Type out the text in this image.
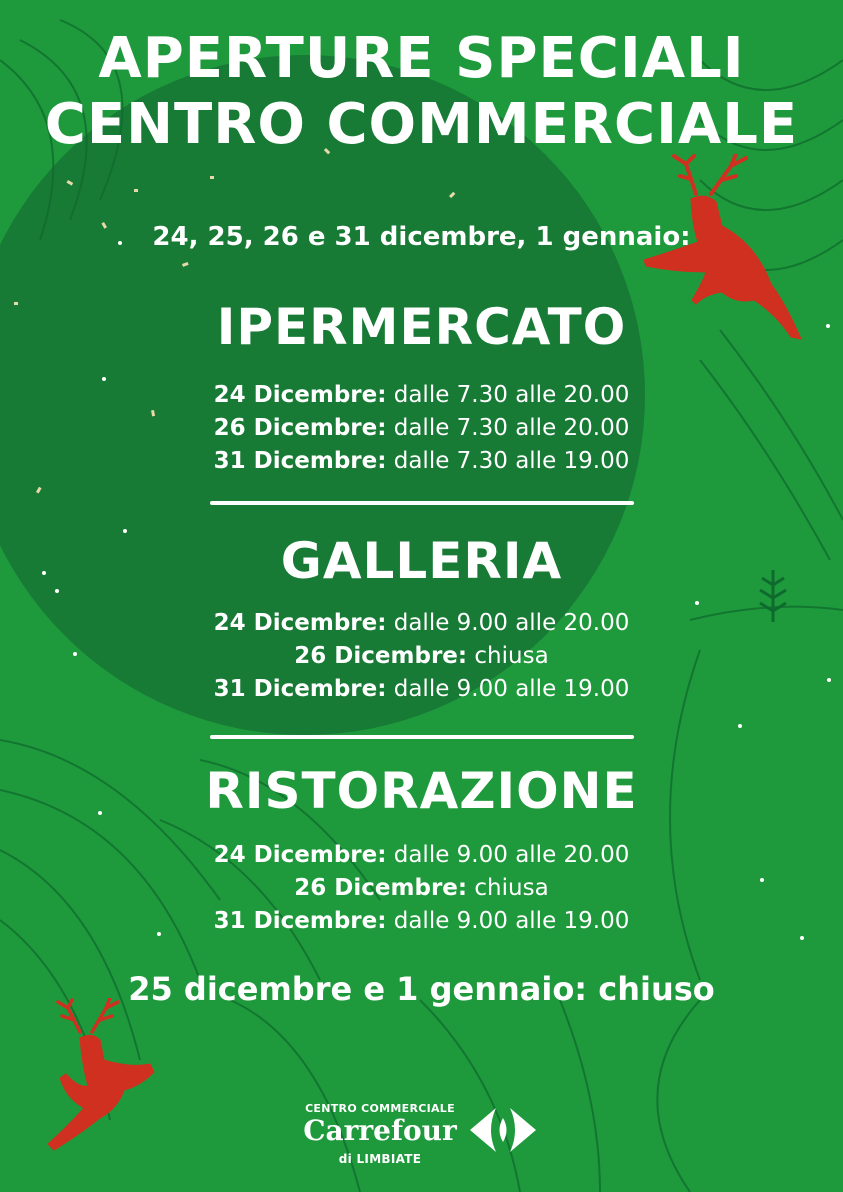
APERTURE SPECIALI
CENTRO COMMERCIALE
24, 25, 26 e 31 dicembre, 1 gennaio:
IPERMERCATO
24 Dicembre: dalle 7.30 alle 20.00
26 Dicembre: dalle 7.30 alle 20.00
31 Dicembre: dalle 7.30 alle 19.00
GALLERIA
24 Dicembre: dalle 9.00 alle 20.00
26 Dicembre: chiusa
31 Dicembre: dalle 9.00 alle 19.00
RISTORAZIONE
24 Dicembre: dalle 9.00 alle 20.00
26 Dicembre: chiusa
31 Dicembre: dalle 9.00 alle 19.00
25 dicembre e 1 gennaio: chiuso
CENTRO COMMERCIALE
Carrefour
di LIMBIATE
